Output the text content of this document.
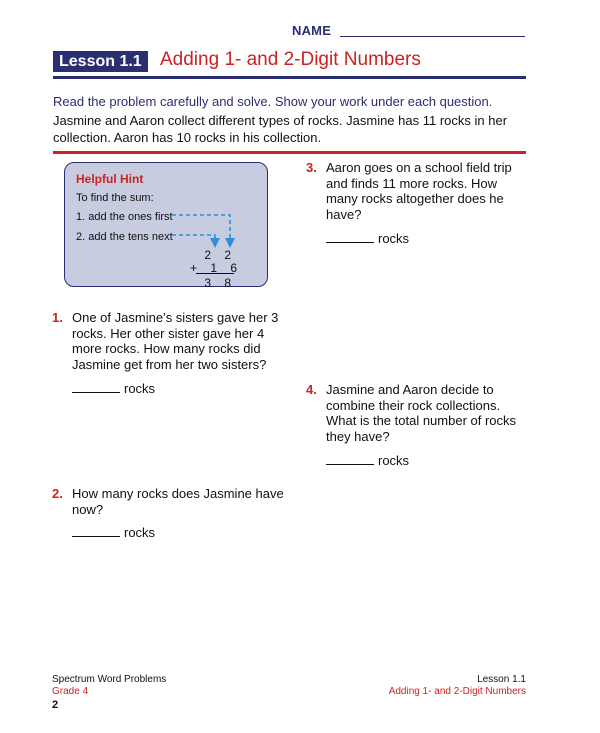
NAME
Lesson 1.1 Adding 1- and 2-Digit Numbers
Read the problem carefully and solve. Show your work under each question.
Jasmine and Aaron collect different types of rocks. Jasmine has 11 rocks in her collection. Aaron has 10 rocks in his collection.
Helpful Hint
To find the sum:
1. add the ones first
2. add the tens next
2 2
+ 1 6
3 8
1. One of Jasmine’s sisters gave her 3 rocks. Her other sister gave her 4 more rocks. How many rocks did Jasmine get from her two sisters?
rocks
2. How many rocks does Jasmine have now?
rocks
3. Aaron goes on a school field trip and finds 11 more rocks. How many rocks altogether does he have?
rocks
4. Jasmine and Aaron decide to combine their rock collections. What is the total number of rocks they have?
rocks
Spectrum Word Problems
Grade 4
2
Lesson 1.1
Adding 1- and 2-Digit Numbers
